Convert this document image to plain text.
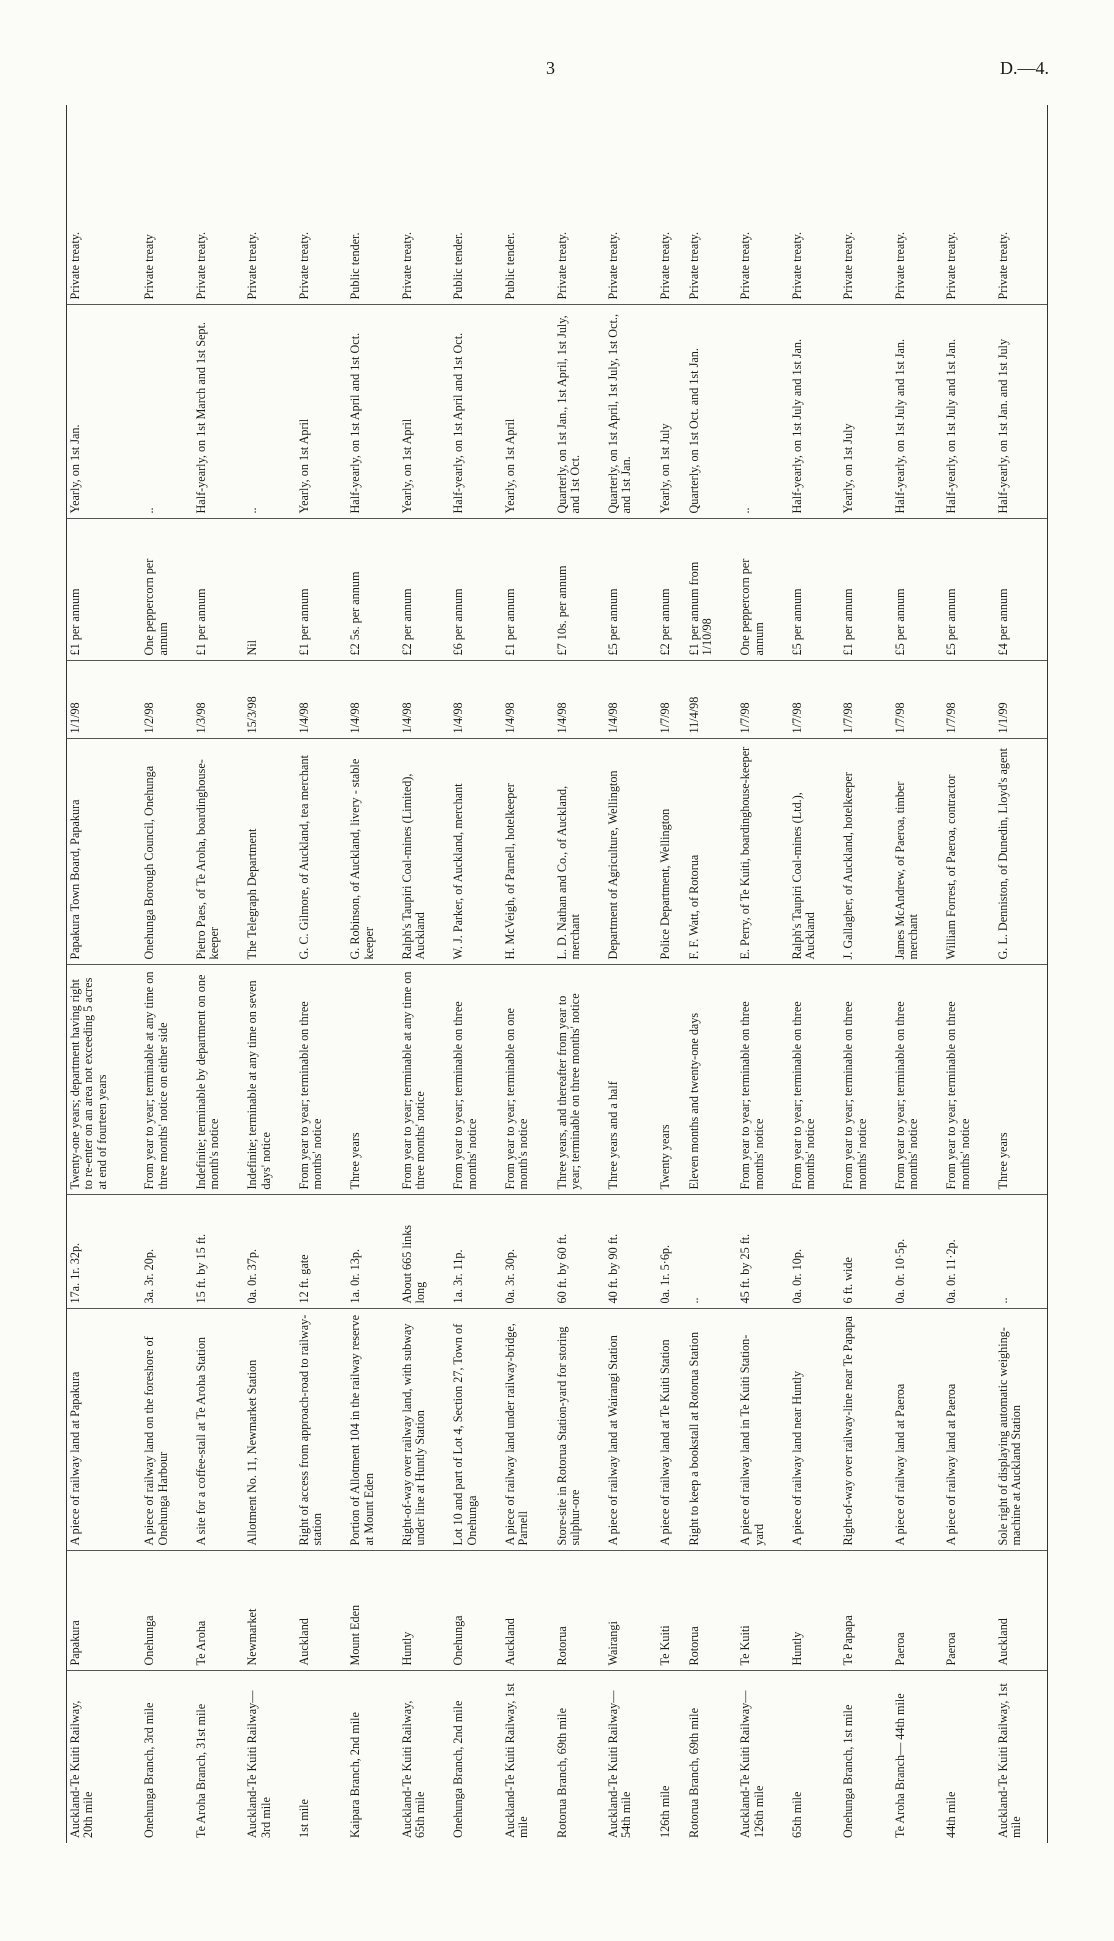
3	D.—4.
Auckland-Te Kuiti Railway, 20th mile	Papakura	A piece of railway land at Papakura	17a. 1r. 32p.	Twenty-one years; department having right to re-enter on an area not exceeding 5 acres at end of fourteen years	Papakura Town Board, Papakura	1/1/98	£1 per annum	Yearly, on 1st Jan.	Private treaty.
Onehunga Branch, 3rd mile	Onehunga	A piece of railway land on the foreshore of Onehunga Harbour	3a. 3r. 20p.	From year to year; terminable at any time on three months' notice on either side	Onehunga Borough Council, Onehunga	1/2/98	One peppercorn per annum	..	Private treaty
Te Aroha Branch, 31st mile	Te Aroha	A site for a coffee-stall at Te Aroha Station	15 ft. by 15 ft.	Indefinite; terminable by department on one month's notice	Pietro Paes, of Te Aroha, boardinghouse-keeper	1/3/98	£1 per annum	Half-yearly, on 1st March and 1st Sept.	Private treaty.
Auckland-Te Kuiti Railway— 3rd mile	Newmarket	Allotment No. 11, Newmarket Station	0a. 0r. 37p.	Indefinite; terminable at any time on seven days' notice	The Telegraph Department	15/3/98	Nil	..	Private treaty.
1st mile	Auckland	Right of access from approach-road to railway-station	12 ft. gate	From year to year; terminable on three months' notice	G. C. Gilmore, of Auckland, tea merchant	1/4/98	£1 per annum	Yearly, on 1st April	Private treaty.
Kaipara Branch, 2nd mile	Mount Eden	Portion of Allotment 104 in the railway reserve at Mount Eden	1a. 0r. 13p.	Three years	G. Robinson, of Auckland, livery - stable keeper	1/4/98	£2 5s. per annum	Half-yearly, on 1st April and 1st Oct.	Public tender.
Auckland-Te Kuiti Railway, 65th mile	Huntly	Right-of-way over railway land, with subway under line at Huntly Station	About 665 links long	From year to year; terminable at any time on three months' notice	Ralph's Taupiri Coal-mines (Limited), Auckland	1/4/98	£2 per annum	Yearly, on 1st April	Private treaty.
Onehunga Branch, 2nd mile	Onehunga	Lot 10 and part of Lot 4, Section 27, Town of Onehunga	1a. 3r. 11p.	From year to year; terminable on three months' notice	W. J. Parker, of Auckland, merchant	1/4/98	£6 per annum	Half-yearly, on 1st April and 1st Oct.	Public tender.
Auckland-Te Kuiti Railway, 1st mile	Auckland	A piece of railway land under railway-bridge, Parnell	0a. 3r. 30p.	From year to year; terminable on one month's notice	H. McVeigh, of Parnell, hotelkeeper	1/4/98	£1 per annum	Yearly, on 1st April	Public tender.
Rotorua Branch, 69th mile	Rotorua	Store-site in Rotorua Station-yard for storing sulphur-ore	60 ft. by 60 ft.	Three years, and thereafter from year to year; terminable on three months' notice	L. D. Nathan and Co., of Auckland, merchant	1/4/98	£7 10s. per annum	Quarterly, on 1st Jan., 1st April, 1st July, and 1st Oct.	Private treaty.
Auckland-Te Kuiti Railway— 54th mile	Wairangi	A piece of railway land at Wairangi Station	40 ft. by 90 ft.	Three years and a half	Department of Agriculture, Wellington	1/4/98	£5 per annum	Quarterly, on 1st April, 1st July, 1st Oct., and 1st Jan.	Private treaty.
126th mile	Te Kuiti	A piece of railway land at Te Kuiti Station	0a. 1r. 5·6p.	Twenty years	Police Department, Wellington	1/7/98	£2 per annum	Yearly, on 1st July	Private treaty.
Rotorua Branch, 69th mile	Rotorua	Right to keep a bookstall at Rotorua Station	..	Eleven months and twenty-one days	F. F. Watt, of Rotorua	11/4/98	£1 per annum from 1/10/98	Quarterly, on 1st Oct. and 1st Jan.	Private treaty.
Auckland-Te Kuiti Railway— 126th mile	Te Kuiti	A piece of railway land in Te Kuiti Station-yard	45 ft. by 25 ft.	From year to year; terminable on three months' notice	E. Perry, of Te Kuiti, boardinghouse-keeper	1/7/98	One peppercorn per annum	..	Private treaty.
65th mile	Huntly	A piece of railway land near Huntly	0a. 0r. 10p.	From year to year; terminable on three months' notice	Ralph's Taupiri Coal-mines (Ltd.), Auckland	1/7/98	£5 per annum	Half-yearly, on 1st July and 1st Jan.	Private treaty.
Onehunga Branch, 1st mile	Te Papapa	Right-of-way over railway-line near Te Papapa	6 ft. wide	From year to year; terminable on three months' notice	J. Gallagher, of Auckland, hotelkeeper	1/7/98	£1 per annum	Yearly, on 1st July	Private treaty.
Te Aroha Branch— 44th mile	Paeroa	A piece of railway land at Paeroa	0a. 0r. 10·5p.	From year to year; terminable on three months' notice	James McAndrew, of Paeroa, timber merchant	1/7/98	£5 per annum	Half-yearly, on 1st July and 1st Jan.	Private treaty.
44th mile	Paeroa	A piece of railway land at Paeroa	0a. 0r. 11·2p.	From year to year; terminable on three months' notice	William Forrest, of Paeroa, contractor	1/7/98	£5 per annum	Half-yearly, on 1st July and 1st Jan.	Private treaty.
Auckland-Te Kuiti Railway, 1st mile	Auckland	Sole right of displaying automatic weighing-machine at Auckland Station	..	Three years	G. L. Denniston, of Dunedin, Lloyd's agent	1/1/99	£4 per annum	Half-yearly, on 1st Jan. and 1st July	Private treaty.
